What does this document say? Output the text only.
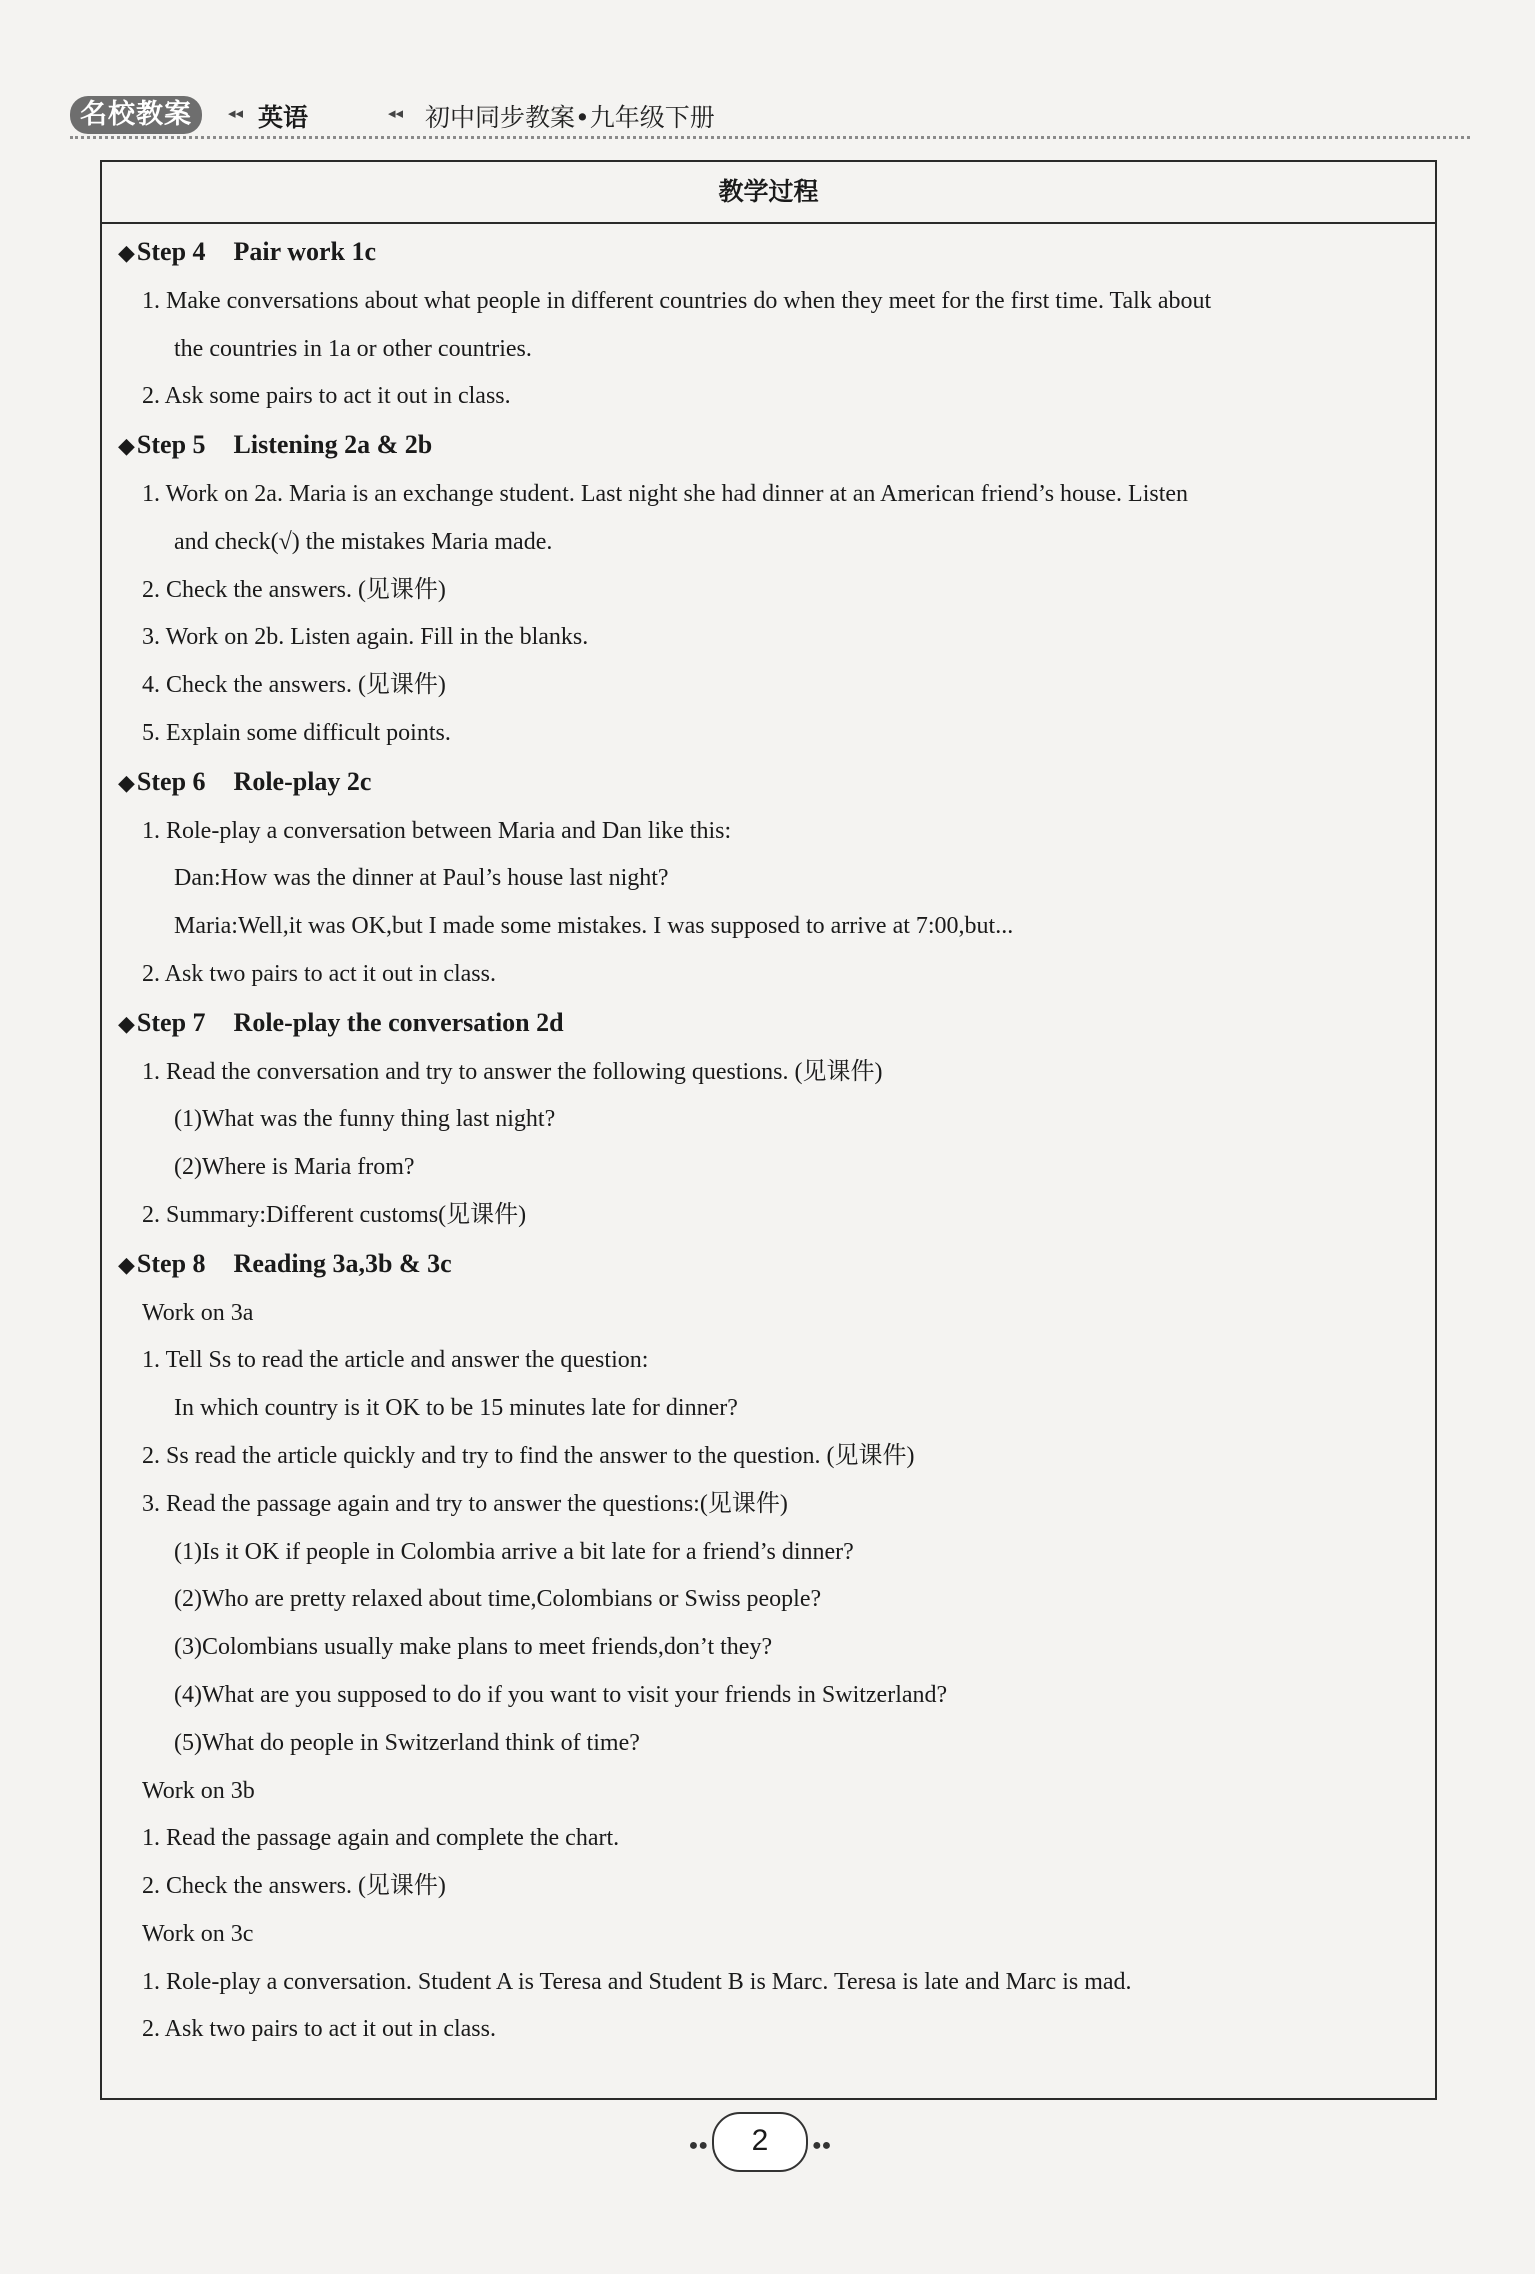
名校教案	◂◂ 英语	◂◂ 初中同步教案•九年级下册
教学过程
◆Step 4 Pair work 1c
1. Make conversations about what people in different countries do when they meet for the first time. Talk about
the countries in 1a or other countries.
2. Ask some pairs to act it out in class.
◆Step 5 Listening 2a & 2b
1. Work on 2a. Maria is an exchange student. Last night she had dinner at an American friend’s house. Listen
and check(√) the mistakes Maria made.
2. Check the answers. (见课件)
3. Work on 2b. Listen again. Fill in the blanks.
4. Check the answers. (见课件)
5. Explain some difficult points.
◆Step 6 Role-play 2c
1. Role-play a conversation between Maria and Dan like this:
Dan:How was the dinner at Paul’s house last night?
Maria:Well,it was OK,but I made some mistakes. I was supposed to arrive at 7:00,but...
2. Ask two pairs to act it out in class.
◆Step 7 Role-play the conversation 2d
1. Read the conversation and try to answer the following questions. (见课件)
(1)What was the funny thing last night?
(2)Where is Maria from?
2. Summary:Different customs(见课件)
◆Step 8 Reading 3a,3b & 3c
Work on 3a
1. Tell Ss to read the article and answer the question:
In which country is it OK to be 15 minutes late for dinner?
2. Ss read the article quickly and try to find the answer to the question. (见课件)
3. Read the passage again and try to answer the questions:(见课件)
(1)Is it OK if people in Colombia arrive a bit late for a friend’s dinner?
(2)Who are pretty relaxed about time,Colombians or Swiss people?
(3)Colombians usually make plans to meet friends,don’t they?
(4)What are you supposed to do if you want to visit your friends in Switzerland?
(5)What do people in Switzerland think of time?
Work on 3b
1. Read the passage again and complete the chart.
2. Check the answers. (见课件)
Work on 3c
1. Role-play a conversation. Student A is Teresa and Student B is Marc. Teresa is late and Marc is mad.
2. Ask two pairs to act it out in class.
●● 2	●●
